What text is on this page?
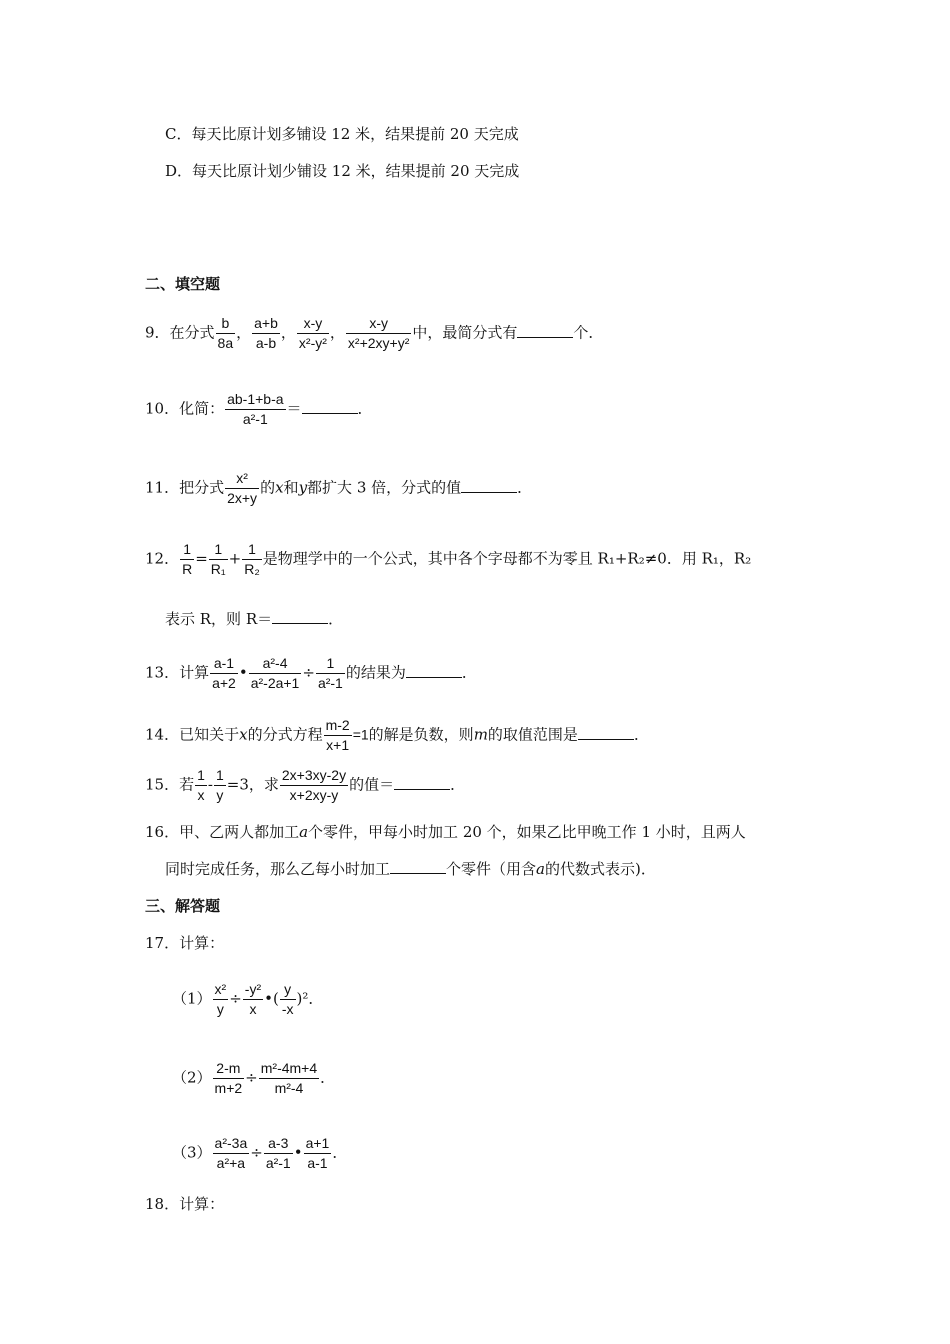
C．每天比原计划多铺设 12 米，结果提前 20 天完成
D．每天比原计划少铺设 12 米，结果提前 20 天完成
二、填空题
9．在分式 $\frac{b}{8a}$ ， $\frac{a+b}{a-b}$ ， $\frac{x-y}{\text{x²-y²}}$ ， $\frac{x-y}{\text{x²+2xy+y²}}$ 中，最简分式有	个．
10．化简： $\frac{ab-1+b-a}{\text{a²-1}}$ ＝	．
11．把分式 $\frac{\text{x²}}{2x+y}$ 的x和y都扩大 3 倍，分式的值	．
12． $\frac{1}{R} = \frac{1}{\text{R₁}} + \frac{1}{\text{R₂}}$ 是物理学中的一个公式，其中各个字母都不为零且 R₁+R₂≠0．用 R₁，R₂
表示 R，则 R＝	．
13．计算 $\frac{a-1}{a+2}$ • $\frac{\text{a²-4}}{\text{a²-2a+1}} \div \frac{1}{\text{a²-1}}$ 的结果为	．
14．已知关于x的分式方程 $\frac{m-2}{x+1} =1$的解是负数，则m的取值范围是	．
15．若 $\frac{1}{x} - \frac{1}{y} =3$，求 $\frac{2x+3xy-2y}{x+2xy-y}$ 的值＝	．
16．甲、乙两人都加工a个零件，甲每小时加工 20 个，如果乙比甲晚工作 1 小时，且两人
同时完成任务，那么乙每小时加工	个零件（用含a的代数式表示)．
三、解答题
17．计算：
$(1) \frac{\text{x²}}{y} \div \frac{\text{-y²}}{x}$ •( $\frac{y}{-x} )^2$．
$(2) \frac{2-m}{m+2} \div \frac{\text{m²-4m+4}}{\text{m²-4}}$ ．
$(3) \frac{\text{a²-3a}}{\text{a²+a}} \div \frac{a-3}{\text{a²-1}}$ • $\frac{a+1}{a-1}$ ．
18．计算：
